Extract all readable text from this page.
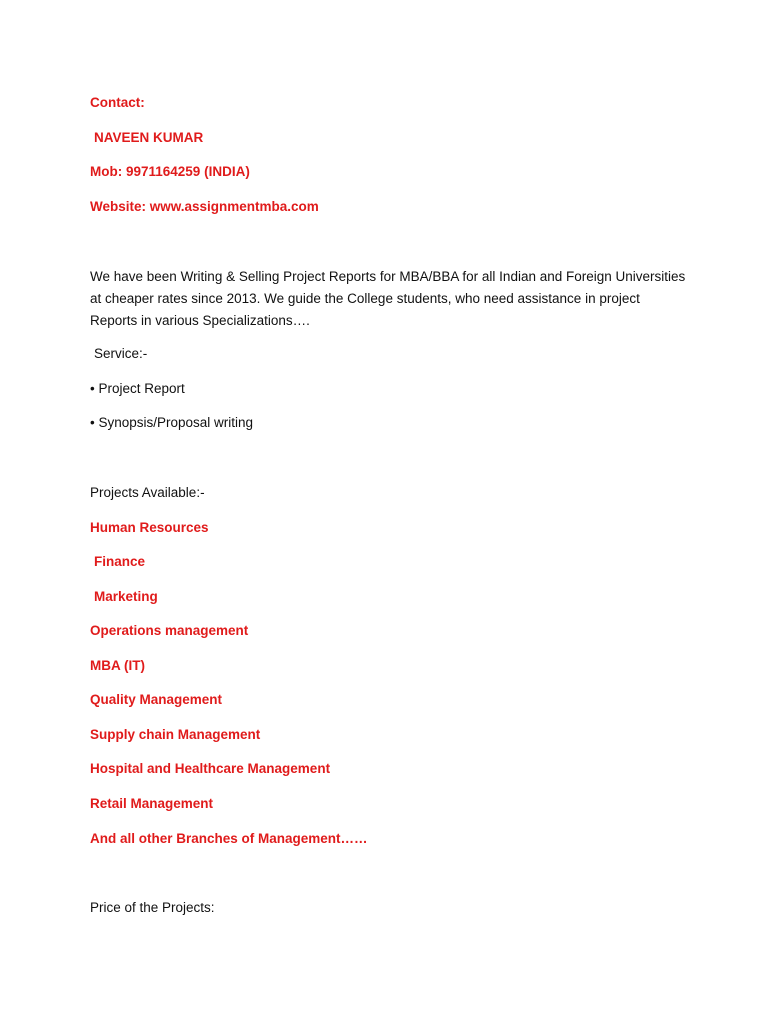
Contact:
NAVEEN KUMAR
Mob: 9971164259 (INDIA)
Website: www.assignmentmba.com
We have been Writing & Selling Project Reports for MBA/BBA for all Indian and Foreign Universities at cheaper rates since 2013. We guide the College students, who need assistance in project Reports in various Specializations….
Service:-
• Project Report
• Synopsis/Proposal writing
Projects Available:-
Human Resources
Finance
Marketing
Operations management
MBA (IT)
Quality Management
Supply chain Management
Hospital and Healthcare Management
Retail Management
And all other Branches of Management……
Price of the Projects:
